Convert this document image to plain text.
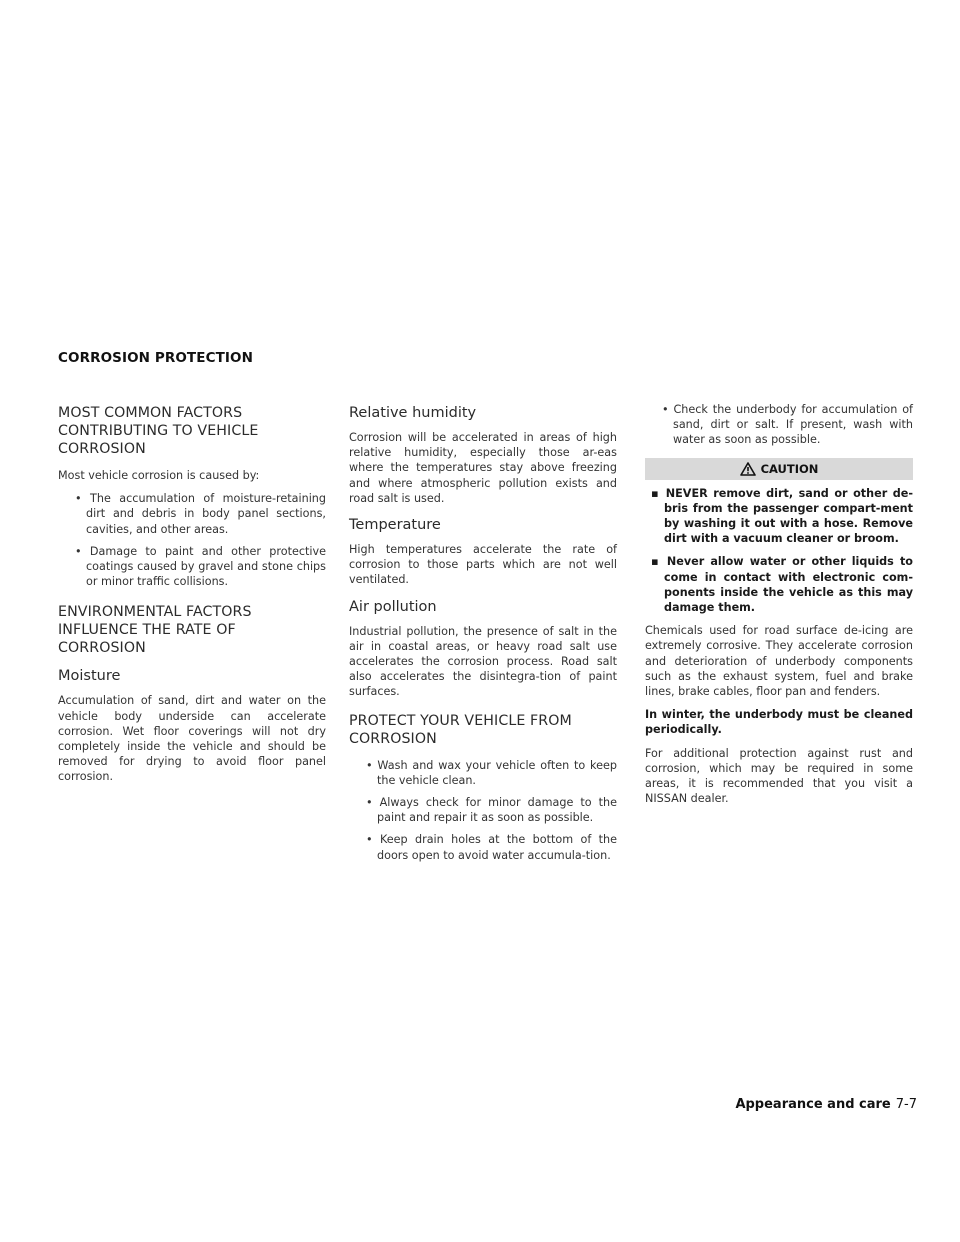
CORROSION PROTECTION
MOST COMMON FACTORS CONTRIBUTING TO VEHICLE CORROSION

Most vehicle corrosion is caused by:

• The accumulation of moisture-retaining dirt and debris in body panel sections, cavities, and other areas.
• Damage to paint and other protective coatings caused by gravel and stone chips or minor traffic collisions.
ENVIRONMENTAL FACTORS INFLUENCE THE RATE OF CORROSION
Moisture

Accumulation of sand, dirt and water on the vehicle body underside can accelerate corrosion. Wet floor coverings will not dry completely inside the vehicle and should be removed for drying to avoid floor panel corrosion.

Relative humidity

Corrosion will be accelerated in areas of high relative humidity, especially those ar-eas where the temperatures stay above freezing and where atmospheric pollution exists and road salt is used.

Temperature

High temperatures accelerate the rate of corrosion to those parts which are not well ventilated.

Air pollution

Industrial pollution, the presence of salt in the air in coastal areas, or heavy road salt use accelerates the corrosion process. Road salt also accelerates the disintegra-tion of paint surfaces.

PROTECT YOUR VEHICLE FROM CORROSION
• Wash and wax your vehicle often to keep the vehicle clean.
• Always check for minor damage to the paint and repair it as soon as possible.
• Keep drain holes at the bottom of the doors open to avoid water accumula-tion.
• Check the underbody for accumulation of sand, dirt or salt. If present, wash with water as soon as possible.
CAUTION
▪ NEVER remove dirt, sand or other de-bris from the passenger compart-ment by washing it out with a hose. Remove dirt with a vacuum cleaner or broom.
▪ Never allow water or other liquids to come in contact with electronic com-ponents inside the vehicle as this may damage them.

Chemicals used for road surface de-icing are extremely corrosive. They accelerate corrosion and deterioration of underbody components such as the exhaust system, fuel and brake lines, brake cables, floor pan and fenders.

In winter, the underbody must be cleaned periodically.

For additional protection against rust and corrosion, which may be required in some areas, it is recommended that you visit a NISSAN dealer.

Appearance and care 7-7
